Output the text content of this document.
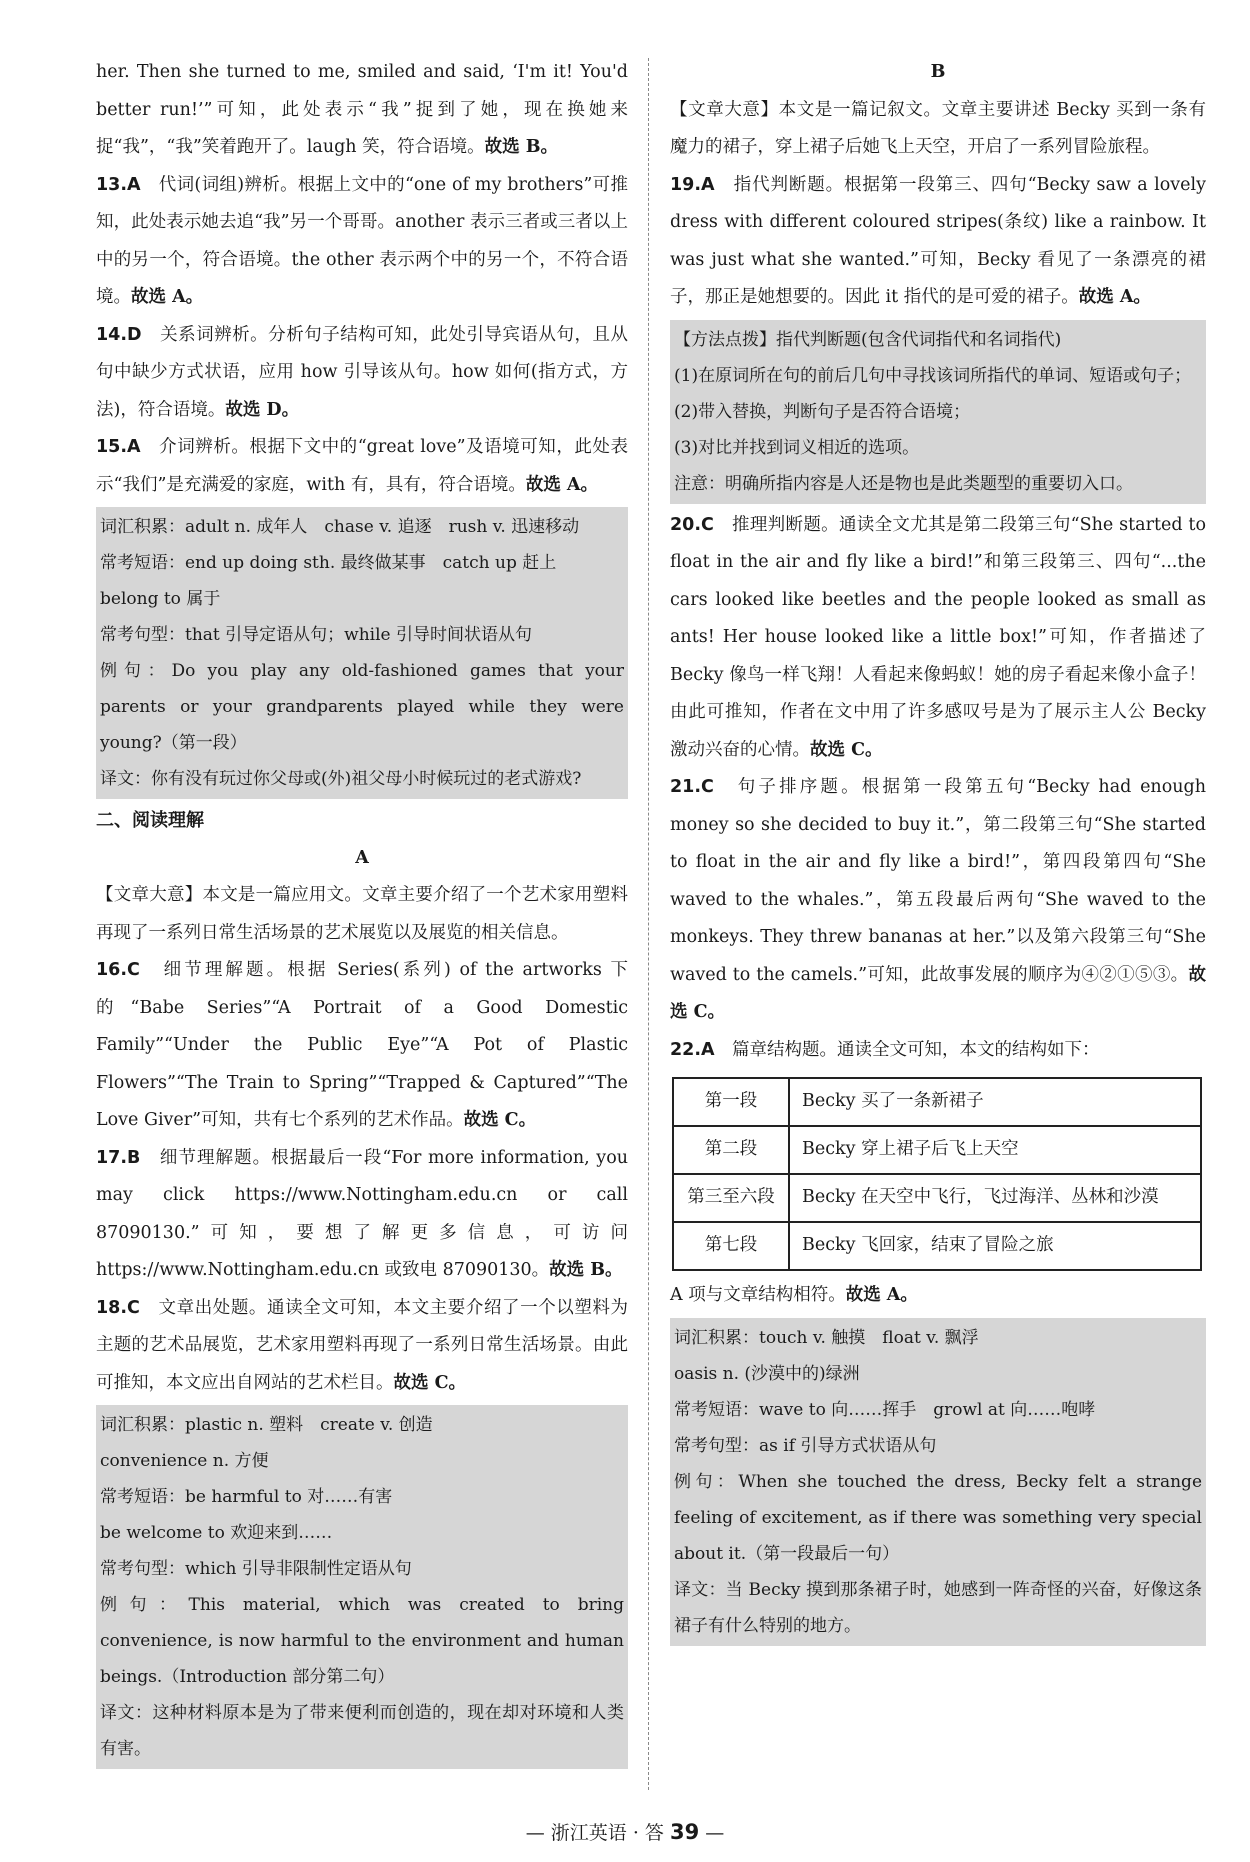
her. Then she turned to me, smiled and said, ‘I'm it! You'd better run!’”可知，此处表示“我”捉到了她，现在换她来捉“我”，“我”笑着跑开了。laugh 笑，符合语境。故选 B。

13.A　 代词(词组)辨析。根据上文中的“one of my brothers”可推知，此处表示她去追“我”另一个哥哥。another 表示三者或三者以上中的另一个，符合语境。the other 表示两个中的另一个，不符合语境。故选 A。

14.D　 关系词辨析。分析句子结构可知，此处引导宾语从句，且从句中缺少方式状语，应用 how 引导该从句。how 如何(指方式，方法)，符合语境。故选 D。

15.A　 介词辨析。根据下文中的“great love”及语境可知，此处表示“我们”是充满爱的家庭，with 有，具有，符合语境。故选 A。

词汇积累：adult n. 成年人　chase v. 追逐　rush v. 迅速移动

常考短语：end up doing sth. 最终做某事　catch up 赶上

belong to 属于

常考句型：that 引导定语从句；while 引导时间状语从句

例句：Do you play any old-fashioned games that your parents or your grandparents played while they were young?（第一段）

译文：你有没有玩过你父母或(外)祖父母小时候玩过的老式游戏?

二、阅读理解

A

【文章大意】本文是一篇应用文。文章主要介绍了一个艺术家用塑料再现了一系列日常生活场景的艺术展览以及展览的相关信息。

16.C　 细节理解题。根据 Series(系列) of the artworks 下的“Babe Series”“A Portrait of a Good Domestic Family”“Under the Public Eye”“A Pot of Plastic Flowers”“The Train to Spring”“Trapped & Captured”“The Love Giver”可知，共有七个系列的艺术作品。故选 C。

17.B　 细节理解题。根据最后一段“For more information, you may click https://www.Nottingham.edu.cn or call 87090130.”可知，要想了解更多信息，可访问 https://www.Nottingham.edu.cn 或致电 87090130。故选 B。

18.C　 文章出处题。通读全文可知，本文主要介绍了一个以塑料为主题的艺术品展览，艺术家用塑料再现了一系列日常生活场景。由此可推知，本文应出自网站的艺术栏目。故选 C。

词汇积累：plastic n. 塑料　create v. 创造

convenience n. 方便

常考短语：be harmful to 对……有害

be welcome to 欢迎来到……

常考句型：which 引导非限制性定语从句

例句：This material, which was created to bring convenience, is now harmful to the environment and human beings.（Introduction 部分第二句）

译文：这种材料原本是为了带来便利而创造的，现在却对环境和人类有害。

B

【文章大意】本文是一篇记叙文。文章主要讲述 Becky 买到一条有魔力的裙子，穿上裙子后她飞上天空，开启了一系列冒险旅程。

19.A　 指代判断题。根据第一段第三、四句“Becky saw a lovely dress with different coloured stripes(条纹) like a rainbow. It was just what she wanted.”可知，Becky 看见了一条漂亮的裙子，那正是她想要的。因此 it 指代的是可爱的裙子。故选 A。

【方法点拨】指代判断题(包含代词指代和名词指代)

(1)在原词所在句的前后几句中寻找该词所指代的单词、短语或句子；

(2)带入替换，判断句子是否符合语境；

(3)对比并找到词义相近的选项。

注意：明确所指内容是人还是物也是此类题型的重要切入口。

20.C　 推理判断题。通读全文尤其是第二段第三句“She started to float in the air and fly like a bird!”和第三段第三、四句“...the cars looked like beetles and the people looked as small as ants! Her house looked like a little box!”可知，作者描述了 Becky 像鸟一样飞翔！人看起来像蚂蚁！她的房子看起来像小盒子！由此可推知，作者在文中用了许多感叹号是为了展示主人公 Becky 激动兴奋的心情。故选 C。

21.C　 句子排序题。根据第一段第五句“Becky had enough money so she decided to buy it.”，第二段第三句“She started to float in the air and fly like a bird!”，第四段第四句“She waved to the whales.”，第五段最后两句“She waved to the monkeys. They threw bananas at her.”以及第六段第三句“She waved to the camels.”可知，此故事发展的顺序为④②①⑤③。故选 C。

22.A　 篇章结构题。通读全文可知，本文的结构如下：

第一段	Becky 买了一条新裙子
第二段	Becky 穿上裙子后飞上天空
第三至六段	Becky 在天空中飞行，飞过海洋、丛林和沙漠
第七段	Becky 飞回家，结束了冒险之旅

A 项与文章结构相符。故选 A。

词汇积累：touch v. 触摸　float v. 飘浮

oasis n. (沙漠中的)绿洲

常考短语：wave to 向……挥手　growl at 向……咆哮

常考句型：as if 引导方式状语从句

例句：When she touched the dress, Becky felt a strange feeling of excitement, as if there was something very special about it.（第一段最后一句）

译文：当 Becky 摸到那条裙子时，她感到一阵奇怪的兴奋，好像这条裙子有什么特别的地方。

— 浙江英语 · 答 39 —
